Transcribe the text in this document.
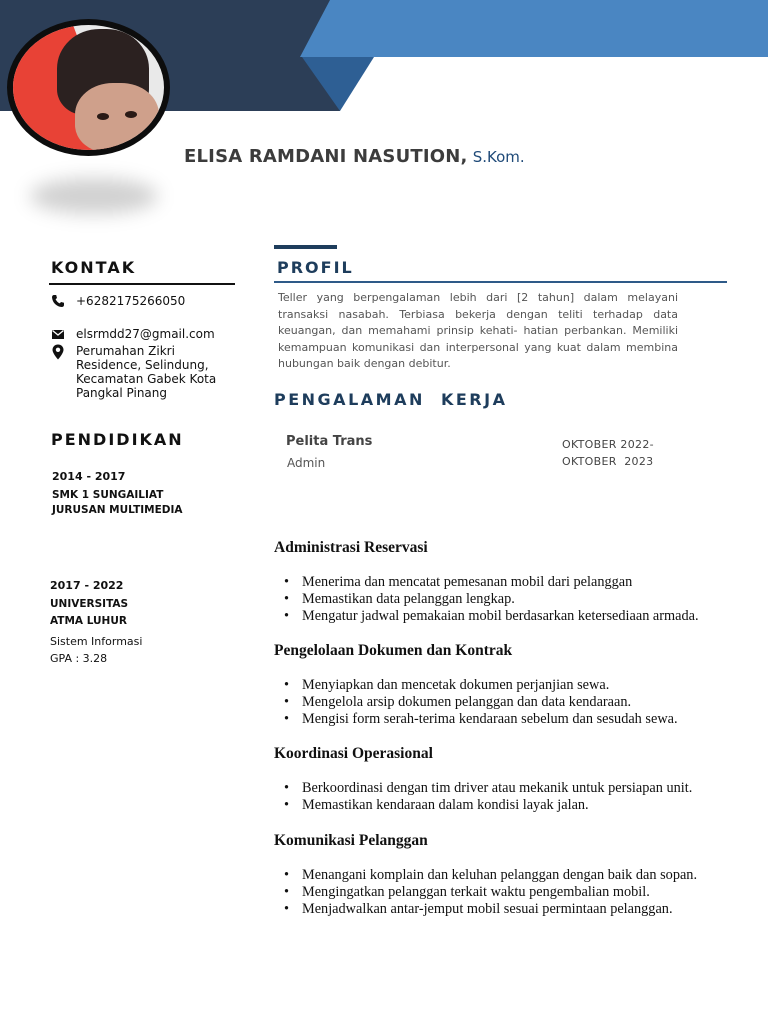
ELISA RAMDANI NASUTION, S.Kom.
KONTAK
+6282175266050
elsrmdd27@gmail.com
Perumahan Zikri
Residence, Selindung,
Kecamatan Gabek Kota
Pangkal Pinang
PENDIDIKAN
2014 - 2017
SMK 1 SUNGAILIAT
JURUSAN MULTIMEDIA
2017 - 2022
UNIVERSITAS
ATMA LUHUR
Sistem Informasi
GPA : 3.28
PROFIL
Teller yang berpengalaman lebih dari [2 tahun] dalam melayani transaksi nasabah. Terbiasa bekerja dengan teliti terhadap data keuangan, dan memahami prinsip kehati- hatian perbankan. Memiliki kemampuan komunikasi dan interpersonal yang kuat dalam membina hubungan baik dengan debitur.
PENGALAMAN  KERJA
Pelita Trans
Admin
OKTOBER 2022-
OKTOBER  2023
Administrasi Reservasi
• Menerima dan mencatat pemesanan mobil dari pelanggan
• Memastikan data pelanggan lengkap.
• Mengatur jadwal pemakaian mobil berdasarkan ketersediaan armada.
Pengelolaan Dokumen dan Kontrak
• Menyiapkan dan mencetak dokumen perjanjian sewa.
• Mengelola arsip dokumen pelanggan dan data kendaraan.
• Mengisi form serah-terima kendaraan sebelum dan sesudah sewa.
Koordinasi Operasional
• Berkoordinasi dengan tim driver atau mekanik untuk persiapan unit.
• Memastikan kendaraan dalam kondisi layak jalan.
Komunikasi Pelanggan
• Menangani komplain dan keluhan pelanggan dengan baik dan sopan.
• Mengingatkan pelanggan terkait waktu pengembalian mobil.
• Menjadwalkan antar-jemput mobil sesuai permintaan pelanggan.
